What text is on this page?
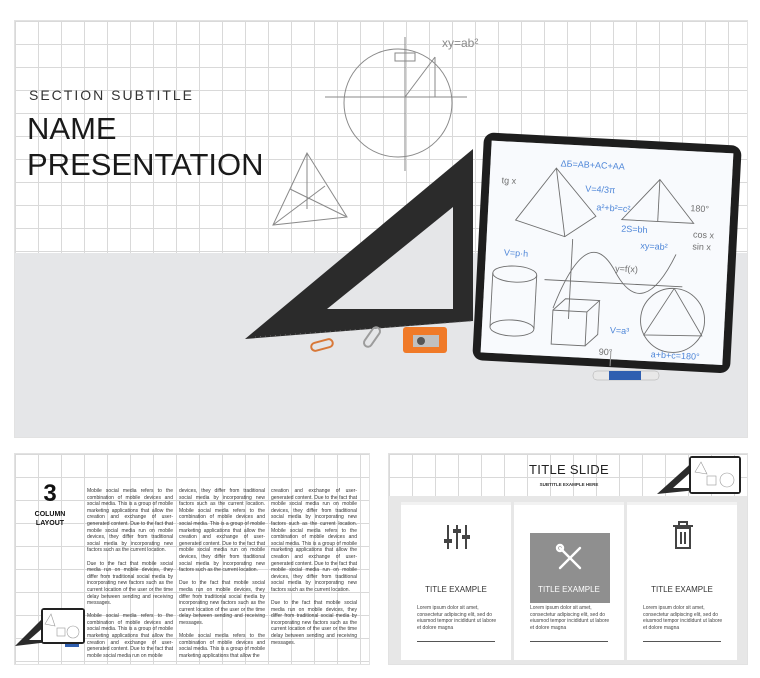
xy=ab²
ΔБ=AB+AC+AA
V=4/3π
a²+b²=c²
2S=bh
xy=ab²
V=p·h
V=a³
a+b+c=180°
180°
cos x
sin x
tg x
90°
y=f(x)
SECTION SUBTITLE
NAME
PRESENTATION
3
COLUMN
LAYOUT

Mobile social media refers to the combination of mobile devices and social media. This is a group of mobile marketing applications that allow the creation and exchange of user-generated content. Due to the fact that mobile social media run on mobile devices, they differ from traditional social media by incorporating new factors such as the current location.

Due to the fact that mobile social media run on mobile devices, they differ from traditional social media by incorporating new factors such as the current location of the user or the time delay between sending and receiving messages.

Mobile social media refers to the combination of mobile devices and social media. This is a group of mobile marketing applications that allow the creation and exchange of user-generated content. Due to the fact that mobile social media run on mobile

devices, they differ from traditional social media by incorporating new factors such as the current location. Mobile social media refers to the combination of mobile devices and social media. This is a group of mobile marketing applications that allow the creation and exchange of user-generated content. Due to the fact that mobile social media run on mobile devices, they differ from traditional social media by incorporating new factors such as the current location.

Due to the fact that mobile social media run on mobile devices, they differ from traditional social media by incorporating new factors such as the current location of the user or the time delay between sending and receiving messages.

Mobile social media refers to the combination of mobile devices and social media. This is a group of mobile marketing applications that allow the

creation and exchange of user-generated content. Due to the fact that mobile social media run on mobile devices, they differ from traditional social media by incorporating new factors such as the current location. Mobile social media refers to the combination of mobile devices and social media. This is a group of mobile marketing applications that allow the creation and exchange of user-generated content. Due to the fact that mobile social media run on mobile devices, they differ from traditional social media by incorporating new factors such as the current location.

Due to the fact that mobile social media run on mobile devices, they differ from traditional social media by incorporating new factors such as the current location of the user or the time delay between sending and receiving messages.

TITLE SLIDE
SUBTITLE EXAMPLE HERE
TITLE EXAMPLE
Lorem ipsum dolor sit amet, consectetur adipiscing elit, sed do eiusmod tempor incididunt ut labore et dolore magna
TITLE EXAMPLE
Lorem ipsum dolor sit amet, consectetur adipiscing elit, sed do eiusmod tempor incididunt ut labore et dolore magna
TITLE EXAMPLE
Lorem ipsum dolor sit amet, consectetur adipiscing elit, sed do eiusmod tempor incididunt ut labore et dolore magna
